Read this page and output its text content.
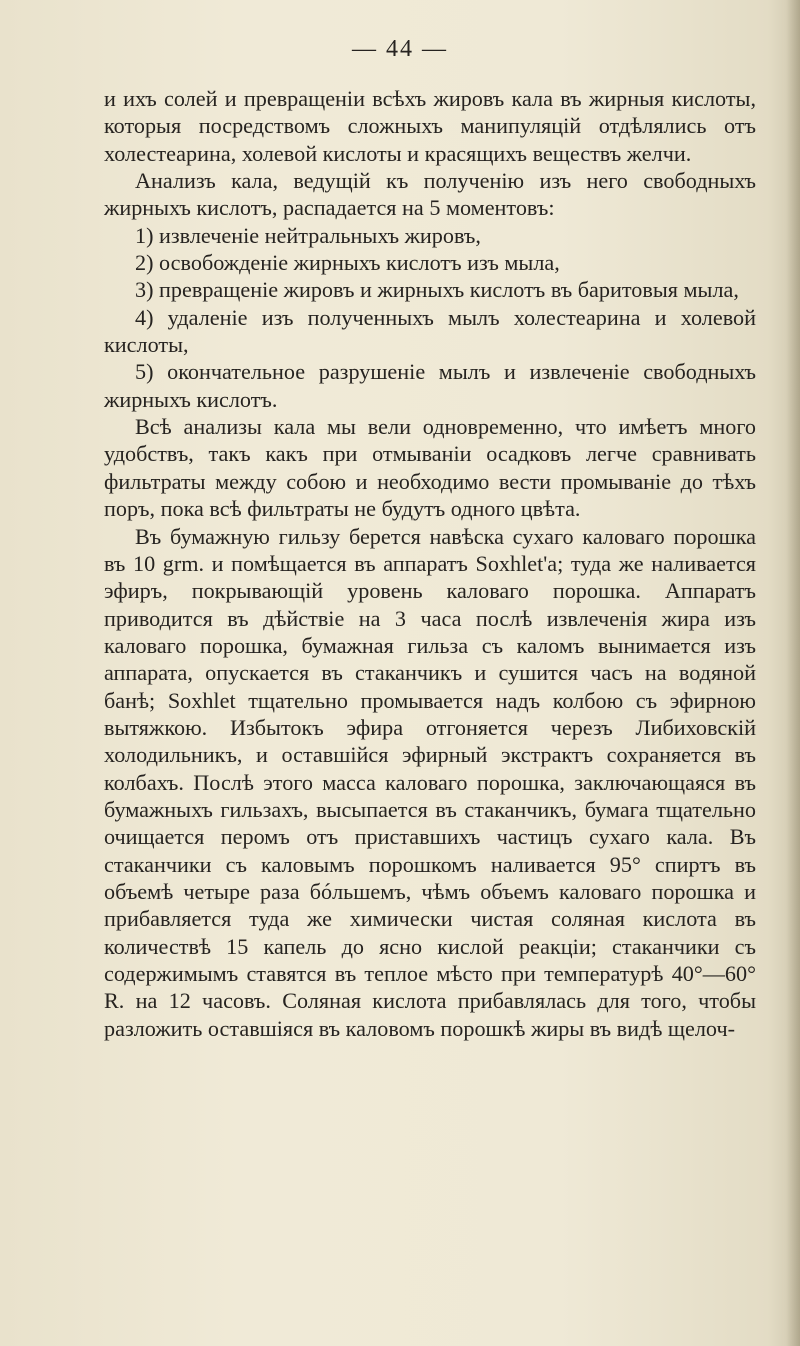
— 44 —

и ихъ солей и превращенiи всѣхъ жировъ кала въ жирныя кислоты, которыя посредствомъ сложныхъ манипуляцiй отдѣлялись отъ холестеарина, холевой кислоты и красящихъ веществъ желчи.

Анализъ кала, ведущiй къ полученiю изъ него свободныхъ жирныхъ кислотъ, распадается на 5 моментовъ:

1) извлеченiе нейтральныхъ жировъ,

2) освобожденiе жирныхъ кислотъ изъ мыла,

3) превращенiе жировъ и жирныхъ кислотъ въ баритовыя мыла,

4) удаленiе изъ полученныхъ мылъ холестеарина и холевой кислоты,

5) окончательное разрушенiе мылъ и извлеченiе свободныхъ жирныхъ кислотъ.

Всѣ анализы кала мы вели одновременно, что имѣетъ много удобствъ, такъ какъ при отмыванiи осадковъ легче сравнивать фильтраты между собою и необходимо вести промыванiе до тѣхъ поръ, пока всѣ фильтраты не будутъ одного цвѣта.

Въ бумажную гильзу берется навѣска сухаго каловаго порошка въ 10 grm. и помѣщается въ аппаратъ Soxhlet'a; туда же наливается эфиръ, покрывающiй уровень каловаго порошка. Аппаратъ приводится въ дѣйствiе на 3 часа послѣ извлеченiя жира изъ каловаго порошка, бумажная гильза съ каломъ вынимается изъ аппарата, опускается въ стаканчикъ и сушится часъ на водяной банѣ; Soxhlet тщательно промывается надъ колбою съ эфирною вытяжкою. Избытокъ эфира отгоняется черезъ Либиховскiй холодильникъ, и оставшiйся эфирный экстрактъ сохраняется въ колбахъ. Послѣ этого масса каловаго порошка, заключающаяся въ бумажныхъ гильзахъ, высыпается въ стаканчикъ, бумага тщательно очищается перомъ отъ приставшихъ частицъ сухаго кала. Въ стаканчики съ каловымъ порошкомъ наливается 95° спиртъ въ объемѣ четыре раза бóльшемъ, чѣмъ объемъ каловаго порошка и прибавляется туда же химически чистая соляная кислота въ количествѣ 15 капель до ясно кислой реакцiи; стаканчики съ содержимымъ ставятся въ теплое мѣсто при температурѣ 40°—60° R. на 12 часовъ. Соляная кислота прибавлялась для того, чтобы разложить оставшiяся въ каловомъ порошкѣ жиры въ видѣ щелоч-
